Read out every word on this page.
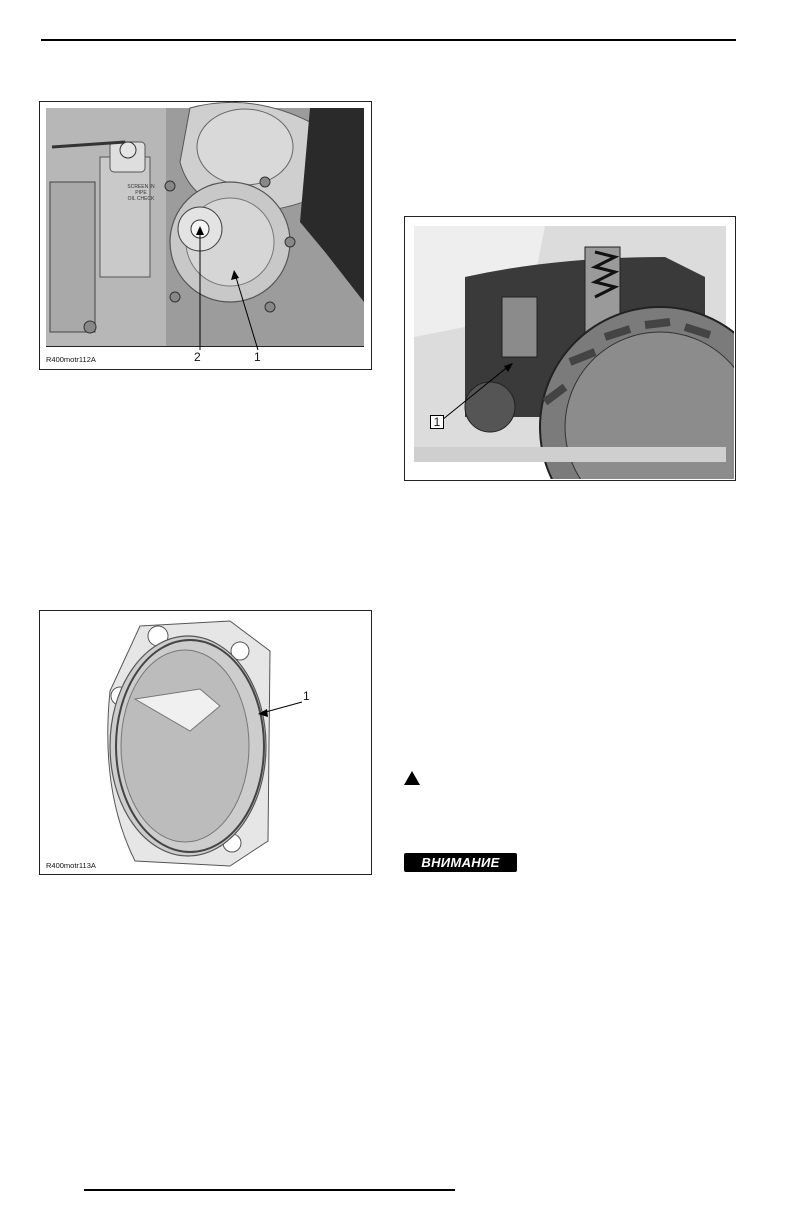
SCREEN IN
PIPE
OIL CHECK
2	1
R400motr112A
1
R400motr113A
1
ВНИМАНИЕ
